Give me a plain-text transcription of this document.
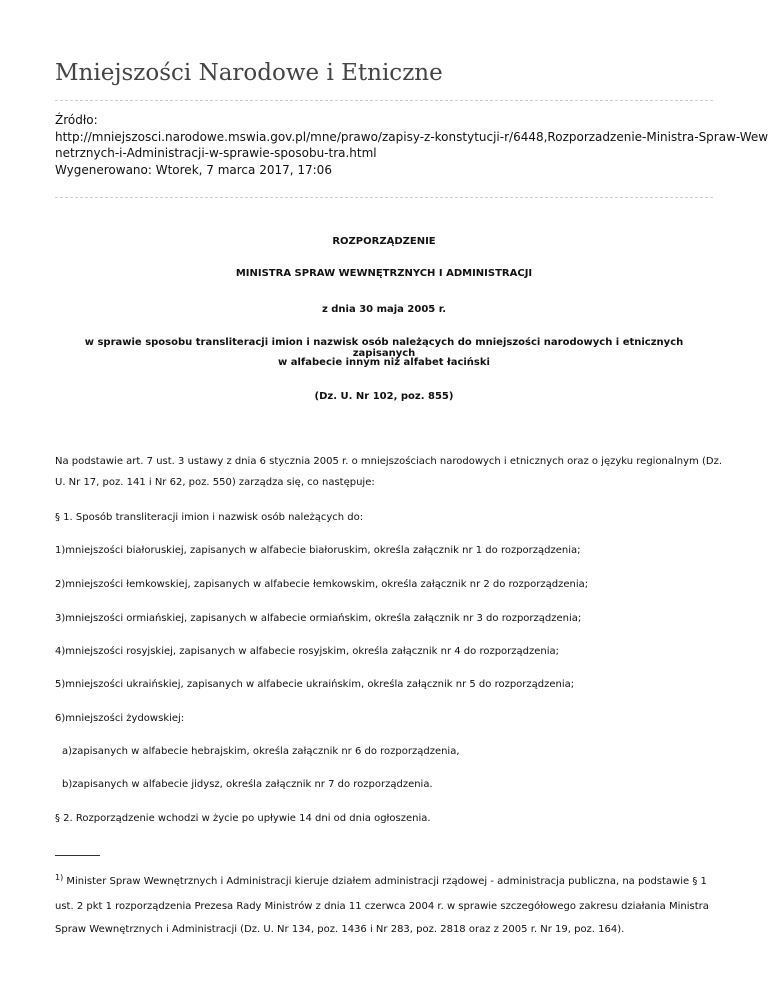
Mniejszości Narodowe i Etniczne
Źródło:
http://mniejszosci.narodowe.mswia.gov.pl/mne/prawo/zapisy-z-konstytucji-r/6448,Rozporzadzenie-Ministra-Spraw-Wew
netrznych-i-Administracji-w-sprawie-sposobu-tra.html
Wygenerowano: Wtorek, 7 marca 2017, 17:06
ROZPORZĄDZENIE
MINISTRA SPRAW WEWNĘTRZNYCH I ADMINISTRACJI
z dnia 30 maja 2005 r.
w sprawie sposobu transliteracji imion i nazwisk osób należących do mniejszości narodowych i etnicznych zapisanych
w alfabecie innym niż alfabet łaciński
(Dz. U. Nr 102, poz. 855)
Na podstawie art. 7 ust. 3 ustawy z dnia 6 stycznia 2005 r. o mniejszościach narodowych i etnicznych oraz o języku regionalnym (Dz.
U. Nr 17, poz. 141 i Nr 62, poz. 550) zarządza się, co następuje:
§ 1. Sposób transliteracji imion i nazwisk osób należących do:
1)mniejszości białoruskiej, zapisanych w alfabecie białoruskim, określa załącznik nr 1 do rozporządzenia;
2)mniejszości łemkowskiej, zapisanych w alfabecie łemkowskim, określa załącznik nr 2 do rozporządzenia;
3)mniejszości ormiańskiej, zapisanych w alfabecie ormiańskim, określa załącznik nr 3 do rozporządzenia;
4)mniejszości rosyjskiej, zapisanych w alfabecie rosyjskim, określa załącznik nr 4 do rozporządzenia;
5)mniejszości ukraińskiej, zapisanych w alfabecie ukraińskim, określa załącznik nr 5 do rozporządzenia;
6)mniejszości żydowskiej:
a)zapisanych w alfabecie hebrajskim, określa załącznik nr 6 do rozporządzenia,
b)zapisanych w alfabecie jidysz, określa załącznik nr 7 do rozporządzenia.
§ 2. Rozporządzenie wchodzi w życie po upływie 14 dni od dnia ogłoszenia.
$^{1)}$ Minister Spraw Wewnętrznych i Administracji kieruje działem administracji rządowej - administracja publiczna, na podstawie § 1
ust. 2 pkt 1 rozporządzenia Prezesa Rady Ministrów z dnia 11 czerwca 2004 r. w sprawie szczegółowego zakresu działania Ministra
Spraw Wewnętrznych i Administracji (Dz. U. Nr 134, poz. 1436 i Nr 283, poz. 2818 oraz z 2005 r. Nr 19, poz. 164).
